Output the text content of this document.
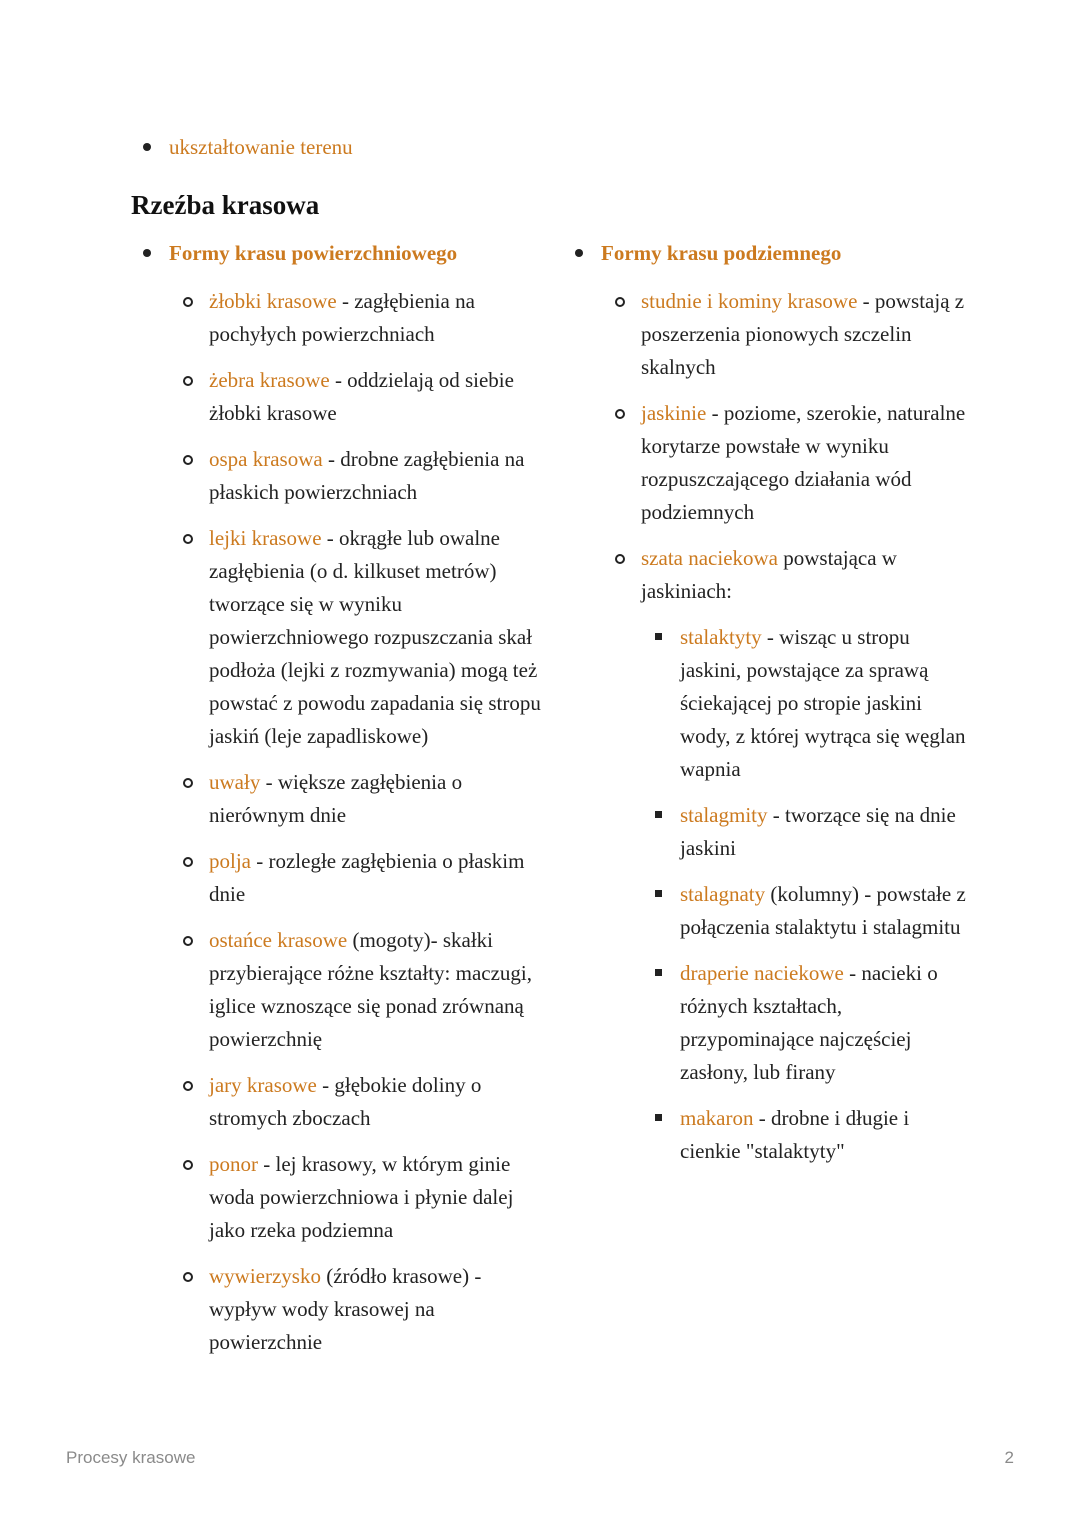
ukształtowanie terenu
Rzeźba krasowa
Formy krasu powierzchniowego
żłobki krasowe - zagłębienia na pochyłych powierzchniach
żebra krasowe - oddzielają od siebie żłobki krasowe
ospa krasowa - drobne zagłębienia na płaskich powierzchniach
lejki krasowe - okrągłe lub owalne zagłębienia (o d. kilkuset metrów) tworzące się w wyniku powierzchniowego rozpuszczania skał podłoża (lejki z rozmywania) mogą też powstać z powodu zapadania się stropu jaskiń (leje zapadliskowe)
uwały - większe zagłębienia o nierównym dnie
polja - rozległe zagłębienia o płaskim dnie
ostańce krasowe (mogoty)- skałki przybierające różne kształty: maczugi, iglice wznoszące się ponad zrównaną powierzchnię
jary krasowe - głębokie doliny o stromych zboczach
ponor - lej krasowy, w którym ginie woda powierzchniowa i płynie dalej jako rzeka podziemna
wywierzysko (źródło krasowe) - wypływ wody krasowej na powierzchnie
Formy krasu podziemnego
studnie i kominy krasowe - powstają z poszerzenia pionowych szczelin skalnych
jaskinie - poziome, szerokie, naturalne korytarze powstałe w wyniku rozpuszczającego działania wód podziemnych
szata naciekowa powstająca w jaskiniach:
stalaktyty - wisząc u stropu jaskini, powstające za sprawą ściekającej po stropie jaskini wody, z której wytrąca się węglan wapnia
stalagmity - tworzące się na dnie jaskini
stalagnaty (kolumny) - powstałe z połączenia stalaktytu i stalagmitu
draperie naciekowe - nacieki o różnych kształtach, przypominające najczęściej zasłony, lub firany
makaron - drobne i długie i cienkie "stalaktyty"
Procesy krasowe	2
